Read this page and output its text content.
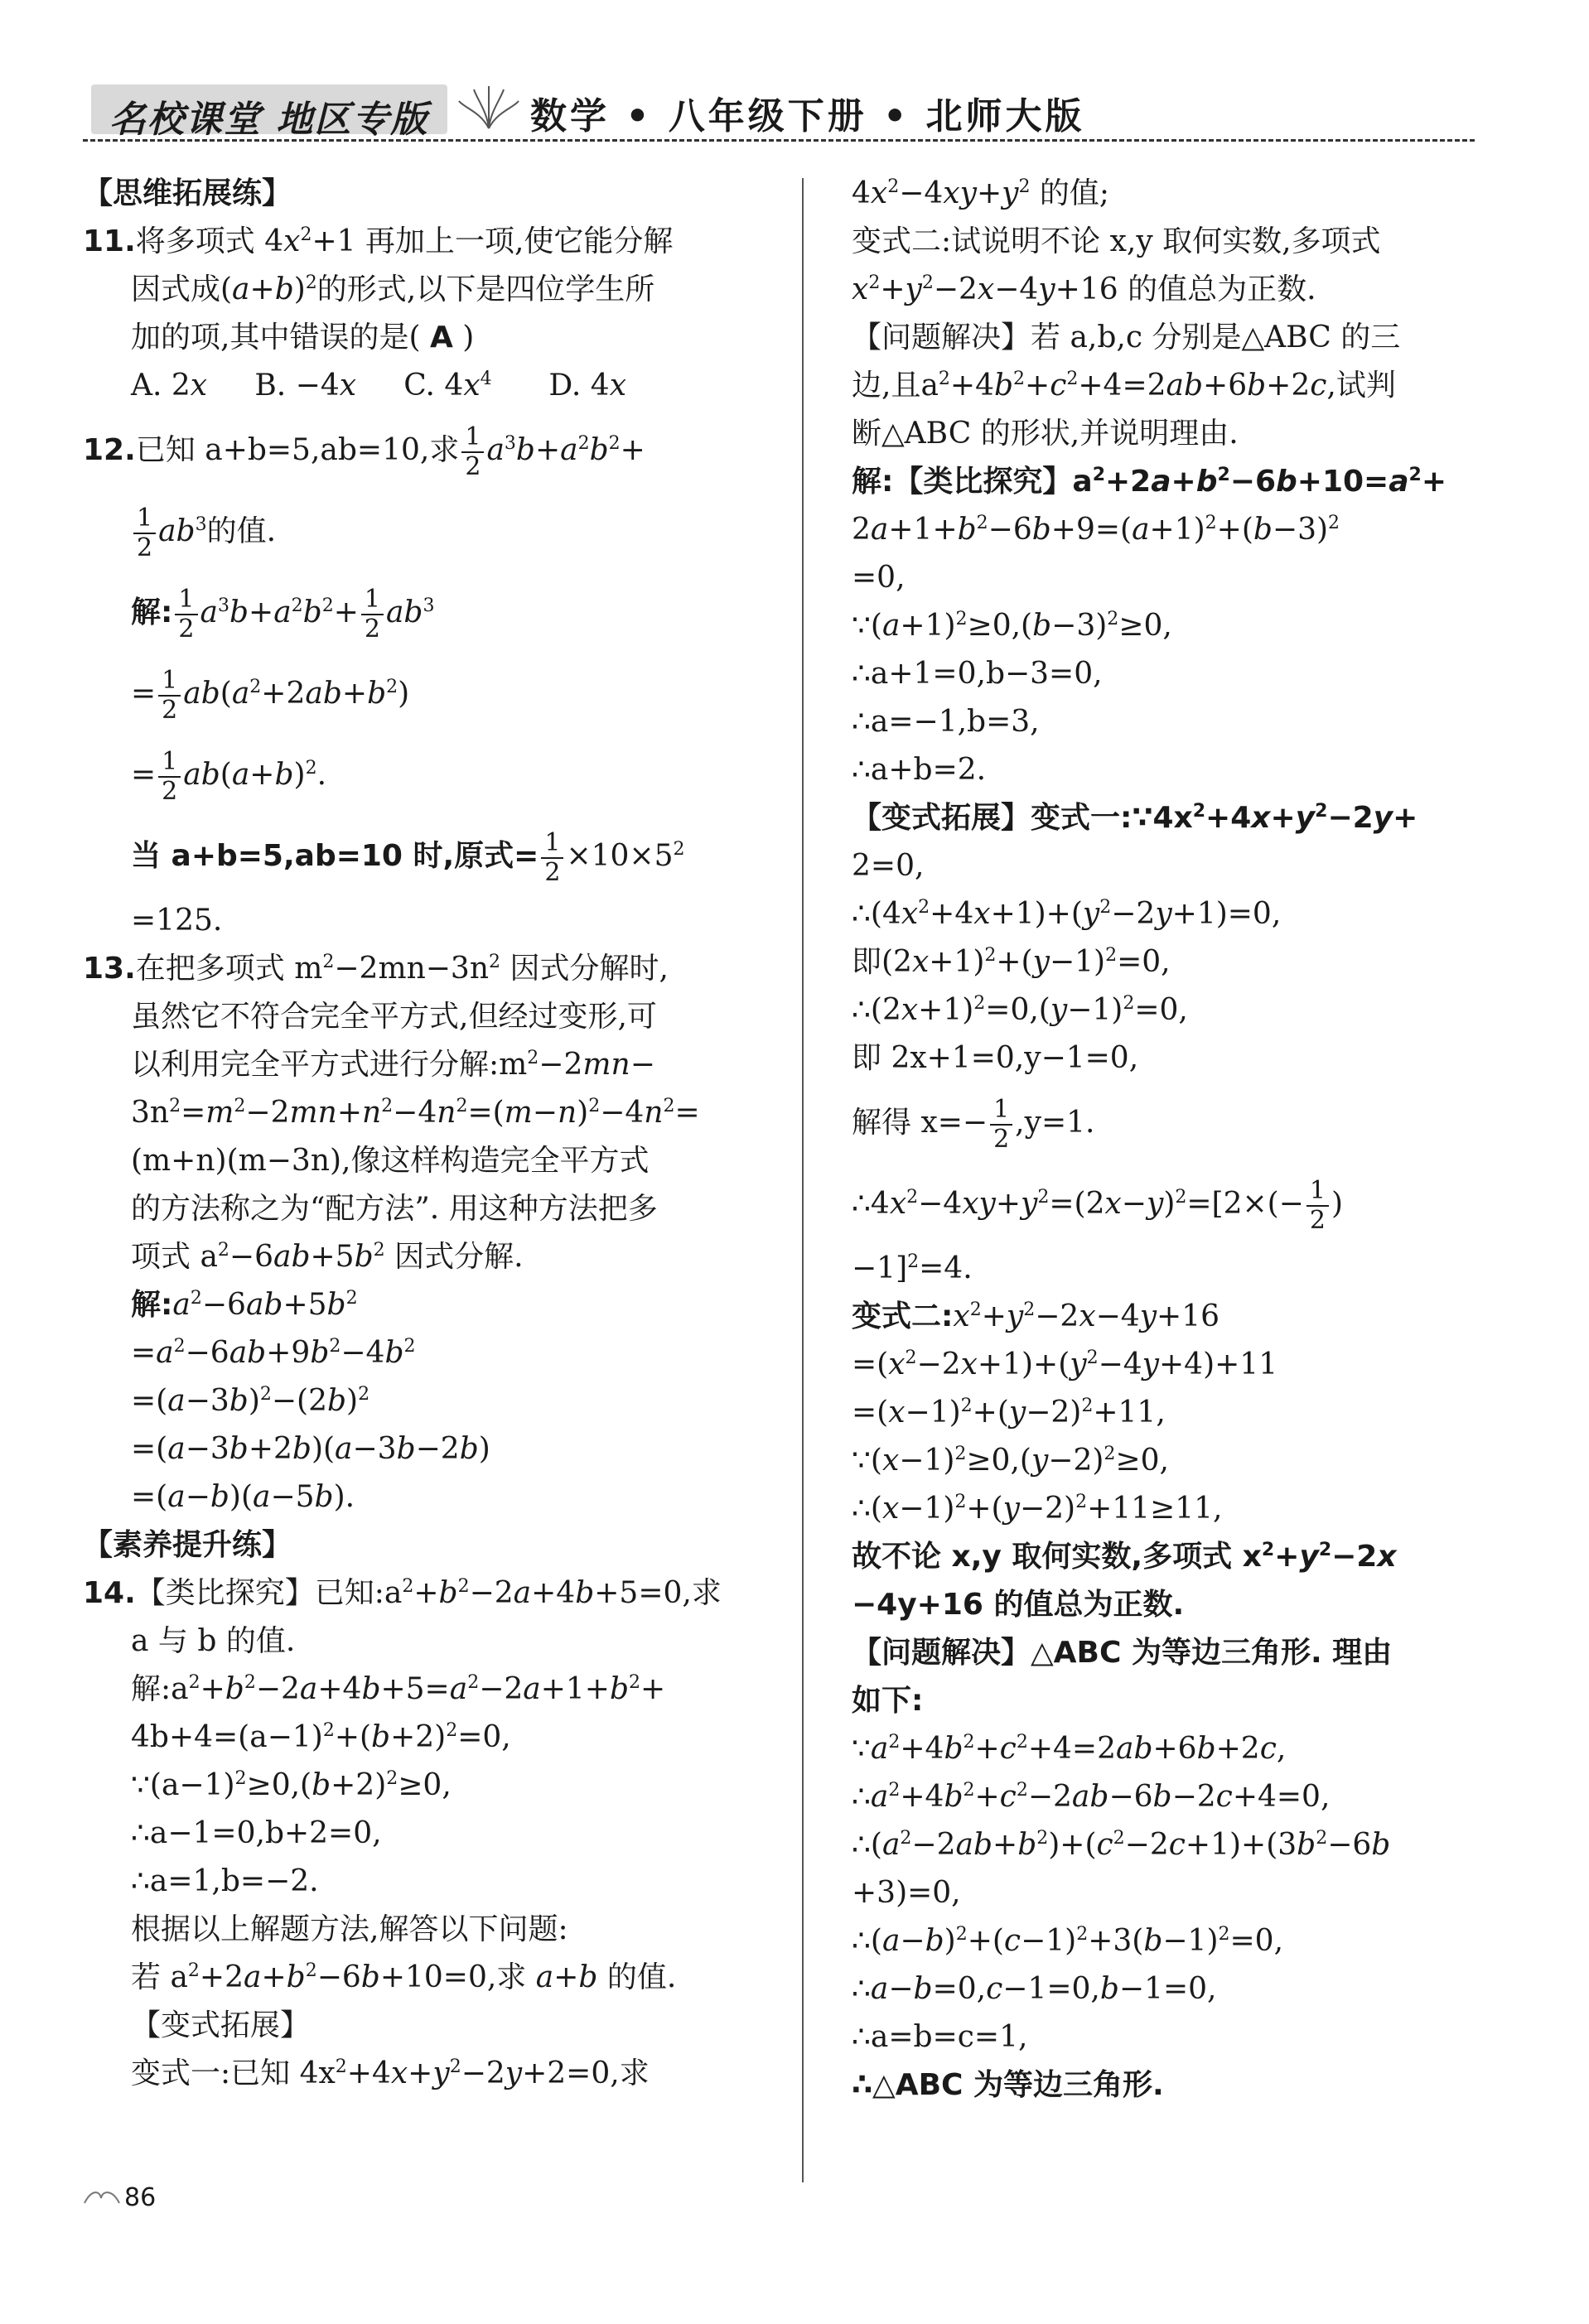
名校课堂 地区专版	数学 • 八年级下册 • 北师大版
【思维拓展练】
11.将多项式 $4x^2+1$ 再加上一项,使它能分解
因式成$(a+b)^2$的形式,以下是四位学生所
加的项,其中错误的是( A )
A. 2x     B. −4x     C. $4x^4$      D. 4x
12.已知 a+b=5,ab=10,求 $\frac{1}{2} a^3b+a^2b^2+$
$\frac{1}{2} ab^3$的值.
解: $\frac{1}{2} a^3b+a^2b^2+ \frac{1}{2} ab^3$
= $\frac{1}{2} ab(a^2+2ab+b^2)$
= $\frac{1}{2} ab(a+b)^2$.
当 a+b=5,ab=10 时,原式= $\frac{1}{2} \times 10\times 5^2$
=125.
13.在把多项式 $m^2-2mn-3n^2$ 因式分解时,
虽然它不符合完全平方式,但经过变形,可
以利用完全平方式进行分解$:m^2-2mn-$
$3n^2=m^2-2mn+n^2-4n^2=(m-n)^2-4n^2=$
(m+n)(m−3n),像这样构造完全平方式
的方法称之为“配方法”. 用这种方法把多
项式 $a^2-6ab+5b^2$ 因式分解.
解$:a^2-6ab+5b^2$
$=a^2-6ab+9b^2-4b^2$
$=(a-3b)^2-(2b)^2$
=(a−3b+2b)(a−3b−2b)
=(a−b)(a−5b).
【素养提升练】
14.【类比探究】已知$:a^2+b^2-2a+4b+5=0$,求
a 与 b 的值.
解$:a^2+b^2-2a+4b+5=a^2-2a+1+b^2+$
$4b+4=(a-1)^2+(b+2)^2=0$,
$\because(a-1)^2\ge 0,(b+2)^2\ge 0$,
∴a−1=0,b+2=0,
∴a=1,b=−2.
根据以上解题方法,解答以下问题:
若 $a^2+2a+b^2-6b+10=0$,求 a+b 的值.
【变式拓展】
变式一:已知 $4x^2+4x+y^2-2y+2=0$,求
$4x^2-4xy+y^2$ 的值;
变式二:试说明不论 x,y 取何实数,多项式
$x^2+y^2-2x-4y+16$ 的值总为正数.
【问题解决】若 a,b,c 分别是△ABC 的三
边,且$a^2+4b^2+c^2+4=2ab+6b+2c$,试判
断△ABC 的形状,并说明理由.
解:【类比探究】$a^2+2a+b^2-6b+10=a^2+$
$2a+1+b^2-6b+9=(a+1)^2+(b-3)^2$
=0,
$\because(a+1)^2\ge 0,(b-3)^2\ge 0$,
∴a+1=0,b−3=0,
∴a=−1,b=3,
∴a+b=2.
【变式拓展】变式一$:\because 4x^2+4x+y^2-2y+$
2=0,
$\therefore(4x^2+4x+1)+(y^2-2y+1)=0$,
即$(2x+1)^2+(y-1)^2=0$,
$\therefore(2x+1)^2=0,(y-1)^2=0$,
即 2x+1=0,y−1=0,
解得 $x=- \frac{1}{2} ,y=1$.
$\therefore 4x^2-4xy+y^2=(2x-y)^2=[2\times(- \frac{1}{2}$ )
−1]$^2$=4.
变式二$:x^2+y^2-2x-4y+16$
$=(x^2-2x+1)+(y^2-4y+4)+11$
$=(x-1)^2+(y-2)^2+11$,
$\because(x-1)^2\ge 0,(y-2)^2\ge 0$,
$\therefore(x-1)^2+(y-2)^2+11\ge 11$,
故不论 x,y 取何实数,多项式 $x^2+y^2-2x$
−4y+16 的值总为正数.
【问题解决】△ABC 为等边三角形. 理由
如下:
$\because a^2+4b^2+c^2+4=2ab+6b+2c$,
$\therefore a^2+4b^2+c^2-2ab-6b-2c+4=0$,
$\therefore(a^2-2ab+b^2)+(c^2-2c+1)+(3b^2-6b$
+3)=0,
$\therefore(a-b)^2+(c-1)^2+3(b-1)^2=0$,
∴a−b=0,c−1=0,b−1=0,
∴a=b=c=1,
∴△ABC 为等边三角形.
86
